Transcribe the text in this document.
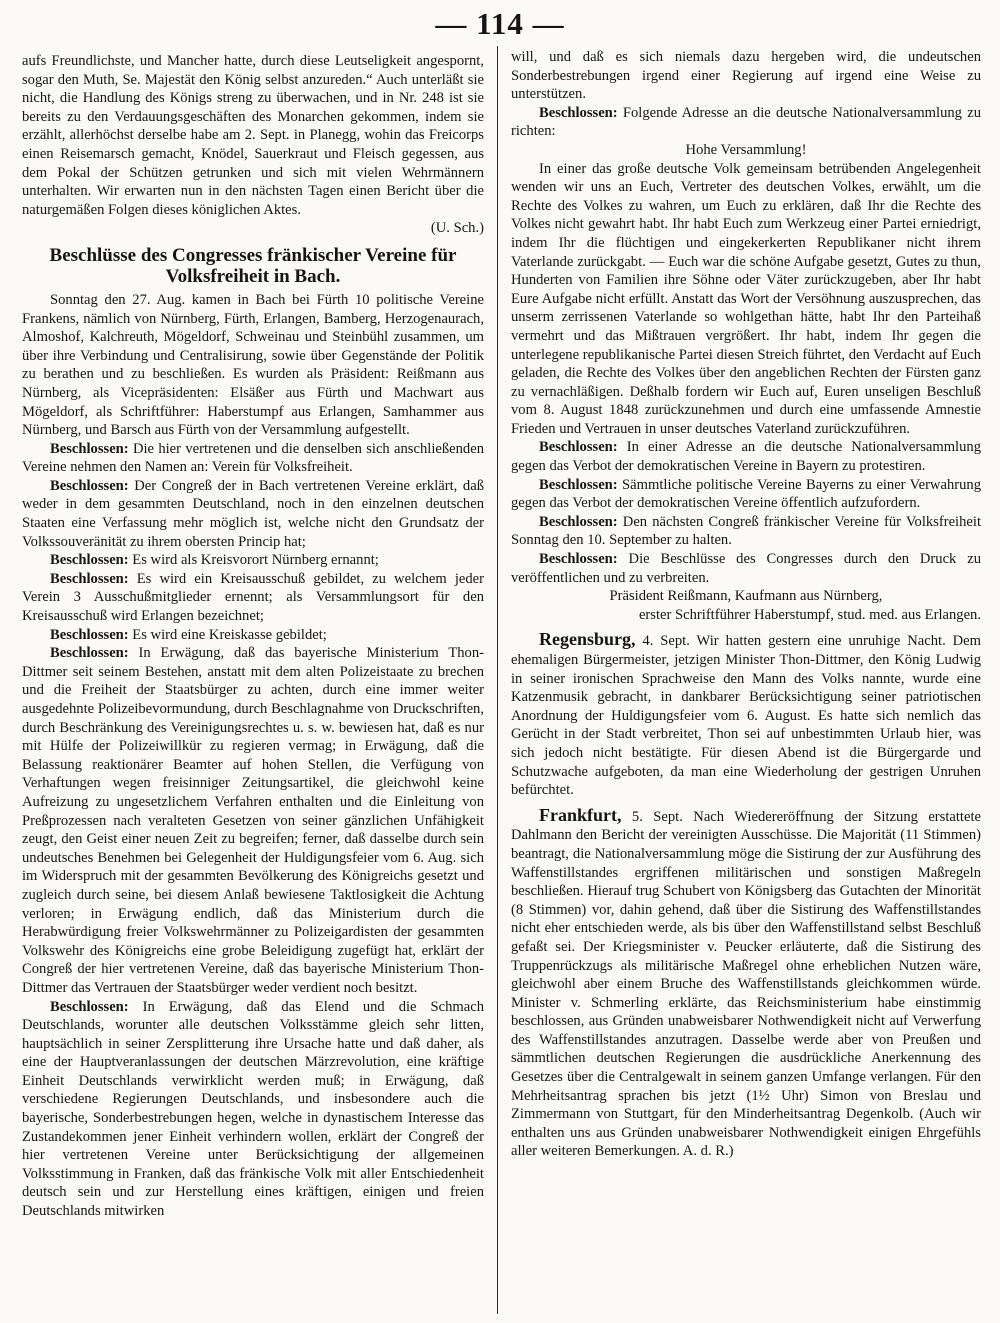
— 114 —

aufs Freundlichste, und Mancher hatte, durch diese Leutseligkeit angespornt, sogar den Muth, Se. Majestät den König selbst anzureden.“ Auch unterläßt sie nicht, die Handlung des Königs streng zu überwachen, und in Nr. 248 ist sie bereits zu den Verdauungsgeschäften des Monarchen gekommen, indem sie erzählt, allerhöchst derselbe habe am 2. Sept. in Planegg, wohin das Freicorps einen Reisemarsch gemacht, Knödel, Sauerkraut und Fleisch gegessen, aus dem Pokal der Schützen getrunken und sich mit vielen Wehrmännern unterhalten. Wir erwarten nun in den nächsten Tagen einen Bericht über die naturgemäßen Folgen dieses königlichen Aktes.

(U. Sch.)

Beschlüsse des Congresses fränkischer Vereine für Volksfreiheit in Bach.

Sonntag den 27. Aug. kamen in Bach bei Fürth 10 politische Vereine Frankens, nämlich von Nürnberg, Fürth, Erlangen, Bamberg, Herzogenaurach, Almoshof, Kalchreuth, Mögeldorf, Schweinau und Steinbühl zusammen, um über ihre Verbindung und Centralisirung, sowie über Gegenstände der Politik zu berathen und zu beschließen. Es wurden als Präsident: Reißmann aus Nürnberg, als Vicepräsidenten: Elsäßer aus Fürth und Machwart aus Mögeldorf, als Schriftführer: Haberstumpf aus Erlangen, Samhammer aus Nürnberg, und Barsch aus Fürth von der Versammlung aufgestellt.

Beschlossen: Die hier vertretenen und die denselben sich anschließenden Vereine nehmen den Namen an: Verein für Volksfreiheit.

Beschlossen: Der Congreß der in Bach vertretenen Vereine erklärt, daß weder in dem gesammten Deutschland, noch in den einzelnen deutschen Staaten eine Verfassung mehr möglich ist, welche nicht den Grundsatz der Volkssouveränität zu ihrem obersten Princip hat;

Beschlossen: Es wird als Kreisvorort Nürnberg ernannt;

Beschlossen: Es wird ein Kreisausschuß gebildet, zu welchem jeder Verein 3 Ausschußmitglieder ernennt; als Versammlungsort für den Kreisausschuß wird Erlangen bezeichnet;

Beschlossen: Es wird eine Kreiskasse gebildet;

Beschlossen: In Erwägung, daß das bayerische Ministerium Thon-Dittmer seit seinem Bestehen, anstatt mit dem alten Polizeistaate zu brechen und die Freiheit der Staatsbürger zu achten, durch eine immer weiter ausgedehnte Polizeibevormundung, durch Beschlagnahme von Druckschriften, durch Beschränkung des Vereinigungsrechtes u. s. w. bewiesen hat, daß es nur mit Hülfe der Polizeiwillkür zu regieren vermag; in Erwägung, daß die Belassung reaktionärer Beamter auf hohen Stellen, die Verfügung von Verhaftungen wegen freisinniger Zeitungsartikel, die gleichwohl keine Aufreizung zu ungesetzlichem Verfahren enthalten und die Einleitung von Preßprozessen nach veralteten Gesetzen von seiner gänzlichen Unfähigkeit zeugt, den Geist einer neuen Zeit zu begreifen; ferner, daß dasselbe durch sein undeutsches Benehmen bei Gelegenheit der Huldigungsfeier vom 6. Aug. sich im Widerspruch mit der gesammten Bevölkerung des Königreichs gesetzt und zugleich durch seine, bei diesem Anlaß bewiesene Taktlosigkeit die Achtung verloren; in Erwägung endlich, daß das Ministerium durch die Herabwürdigung freier Volkswehrmänner zu Polizeigardisten der gesammten Volkswehr des Königreichs eine grobe Beleidigung zugefügt hat, erklärt der Congreß der hier vertretenen Vereine, daß das bayerische Ministerium Thon-Dittmer das Vertrauen der Staatsbürger weder verdient noch besitzt.

Beschlossen: In Erwägung, daß das Elend und die Schmach Deutschlands, worunter alle deutschen Volksstämme gleich sehr litten, hauptsächlich in seiner Zersplitterung ihre Ursache hatte und daß daher, als eine der Hauptveranlassungen der deutschen Märzrevolution, eine kräftige Einheit Deutschlands verwirklicht werden muß; in Erwägung, daß verschiedene Regierungen Deutschlands, und insbesondere auch die bayerische, Sonderbestrebungen hegen, welche in dynastischem Interesse das Zustandekommen jener Einheit verhindern wollen, erklärt der Congreß der hier vertretenen Vereine unter Berücksichtigung der allgemeinen Volksstimmung in Franken, daß das fränkische Volk mit aller Entschiedenheit deutsch sein und zur Herstellung eines kräftigen, einigen und freien Deutschlands mitwirken

will, und daß es sich niemals dazu hergeben wird, die undeutschen Sonderbestrebungen irgend einer Regierung auf irgend eine Weise zu unterstützen.

Beschlossen: Folgende Adresse an die deutsche Nationalversammlung zu richten:

Hohe Versammlung!

In einer das große deutsche Volk gemeinsam betrübenden Angelegenheit wenden wir uns an Euch, Vertreter des deutschen Volkes, erwählt, um die Rechte des Volkes zu wahren, um Euch zu erklären, daß Ihr die Rechte des Volkes nicht gewahrt habt. Ihr habt Euch zum Werkzeug einer Partei erniedrigt, indem Ihr die flüchtigen und eingekerkerten Republikaner nicht ihrem Vaterlande zurückgabt. — Euch war die schöne Aufgabe gesetzt, Gutes zu thun, Hunderten von Familien ihre Söhne oder Väter zurückzugeben, aber Ihr habt Eure Aufgabe nicht erfüllt. Anstatt das Wort der Versöhnung auszusprechen, das unserm zerrissenen Vaterlande so wohlgethan hätte, habt Ihr den Parteihaß vermehrt und das Mißtrauen vergrößert. Ihr habt, indem Ihr gegen die unterlegene republikanische Partei diesen Streich führtet, den Verdacht auf Euch geladen, die Rechte des Volkes über den angeblichen Rechten der Fürsten ganz zu vernachläßigen. Deßhalb fordern wir Euch auf, Euren unseligen Beschluß vom 8. August 1848 zurückzunehmen und durch eine umfassende Amnestie Frieden und Vertrauen in unser deutsches Vaterland zurückzuführen.

Beschlossen: In einer Adresse an die deutsche Nationalversammlung gegen das Verbot der demokratischen Vereine in Bayern zu protestiren.

Beschlossen: Sämmtliche politische Vereine Bayerns zu einer Verwahrung gegen das Verbot der demokratischen Vereine öffentlich aufzufordern.

Beschlossen: Den nächsten Congreß fränkischer Vereine für Volksfreiheit Sonntag den 10. September zu halten.

Beschlossen: Die Beschlüsse des Congresses durch den Druck zu veröffentlichen und zu verbreiten.

Präsident Reißmann, Kaufmann aus Nürnberg,

erster Schriftführer Haberstumpf, stud. med. aus Erlangen.

Regensburg, 4. Sept. Wir hatten gestern eine unruhige Nacht. Dem ehemaligen Bürgermeister, jetzigen Minister Thon-Dittmer, den König Ludwig in seiner ironischen Sprachweise den Mann des Volks nannte, wurde eine Katzenmusik gebracht, in dankbarer Berücksichtigung seiner patriotischen Anordnung der Huldigungsfeier vom 6. August. Es hatte sich nemlich das Gerücht in der Stadt verbreitet, Thon sei auf unbestimmten Urlaub hier, was sich jedoch nicht bestätigte. Für diesen Abend ist die Bürgergarde und Schutzwache aufgeboten, da man eine Wiederholung der gestrigen Unruhen befürchtet.

Frankfurt, 5. Sept. Nach Wiedereröffnung der Sitzung erstattete Dahlmann den Bericht der vereinigten Ausschüsse. Die Majorität (11 Stimmen) beantragt, die Nationalversammlung möge die Sistirung der zur Ausführung des Waffenstillstandes ergriffenen militärischen und sonstigen Maßregeln beschließen. Hierauf trug Schubert von Königsberg das Gutachten der Minorität (8 Stimmen) vor, dahin gehend, daß über die Sistirung des Waffenstillstandes nicht eher entschieden werde, als bis über den Waffenstillstand selbst Beschluß gefaßt sei. Der Kriegsminister v. Peucker erläuterte, daß die Sistirung des Truppenrückzugs als militärische Maßregel ohne erheblichen Nutzen wäre, gleichwohl aber einem Bruche des Waffenstillstands gleichkommen würde. Minister v. Schmerling erklärte, das Reichsministerium habe einstimmig beschlossen, aus Gründen unabweisbarer Nothwendigkeit nicht auf Verwerfung des Waffenstillstandes anzutragen. Dasselbe werde aber von Preußen und sämmtlichen deutschen Regierungen die ausdrückliche Anerkennung des Gesetzes über die Centralgewalt in seinem ganzen Umfange verlangen. Für den Mehrheitsantrag sprachen bis jetzt (1½ Uhr) Simon von Breslau und Zimmermann von Stuttgart, für den Minderheitsantrag Degenkolb. (Auch wir enthalten uns aus Gründen unabweisbarer Nothwendigkeit einigen Ehrgefühls aller weiteren Bemerkungen. A. d. R.)
